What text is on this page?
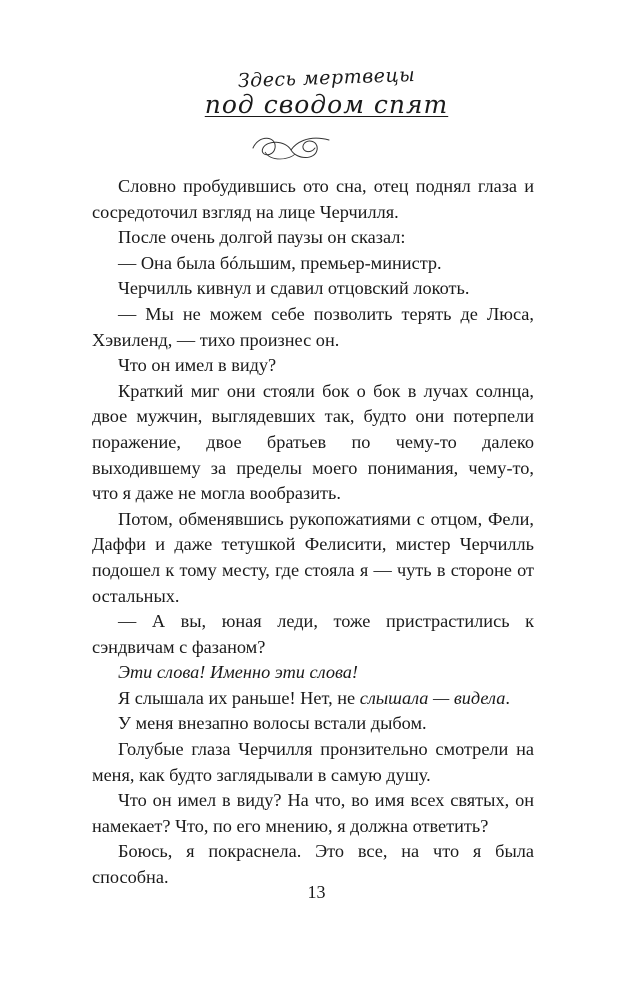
Здесь мертвецы
под сводом спят

Словно пробудившись ото сна, отец поднял глаза и сосредоточил взгляд на лице Черчилля.

После очень долгой паузы он сказал:

— Она была бóльшим, премьер-министр.

Черчилль кивнул и сдавил отцовский локоть.

— Мы не можем себе позволить терять де Люса, Хэвиленд, — тихо произнес он.

Что он имел в виду?

Краткий миг они стояли бок о бок в лучах солнца, двое мужчин, выглядевших так, будто они потерпели поражение, двое братьев по чему-то далеко выходившему за пределы моего понимания, чему-то, что я даже не могла вообразить.

Потом, обменявшись рукопожатиями с отцом, Фели, Даффи и даже тетушкой Фелисити, мистер Черчилль подошел к тому месту, где стояла я — чуть в стороне от остальных.

— А вы, юная леди, тоже пристрастились к сэндвичам с фазаном?

Эти слова! Именно эти слова!

Я слышала их раньше! Нет, не слышала — видела.

У меня внезапно волосы встали дыбом.

Голубые глаза Черчилля пронзительно смотрели на меня, как будто заглядывали в самую душу.

Что он имел в виду? На что, во имя всех святых, он намекает? Что, по его мнению, я должна ответить?

Боюсь, я покраснела. Это все, на что я была способна.

13
